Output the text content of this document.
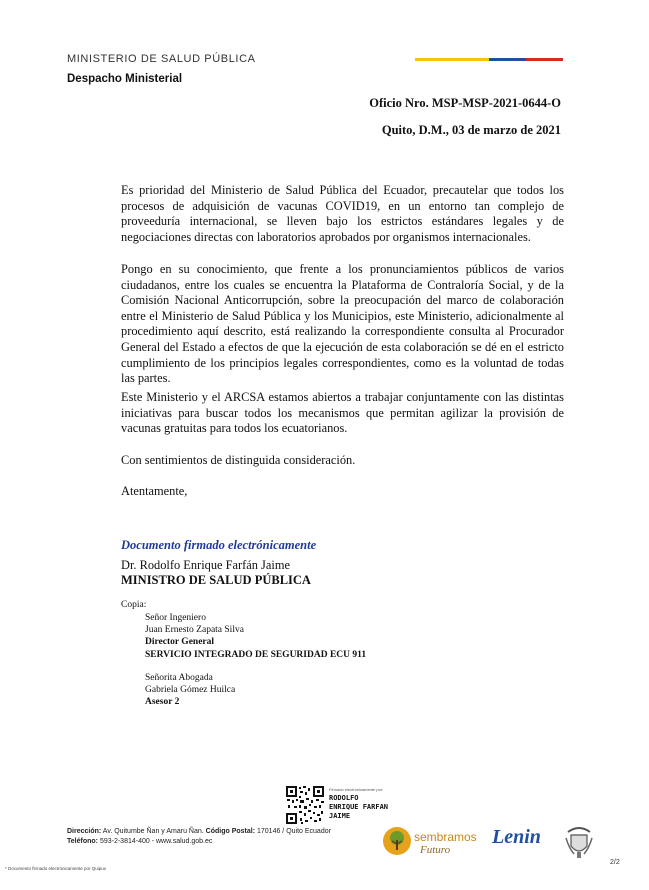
MINISTERIO DE SALUD PÚBLICA
Despacho Ministerial
Oficio Nro. MSP-MSP-2021-0644-O
Quito, D.M., 03 de marzo de 2021
Es prioridad del Ministerio de Salud Pública del Ecuador, precautelar que todos los procesos de adquisición de vacunas COVID19, en un entorno tan complejo de proveeduría internacional, se lleven bajo los estrictos estándares legales y de negociaciones directas con laboratorios aprobados por organismos internacionales.
Pongo en su conocimiento, que frente a los pronunciamientos públicos de varios ciudadanos, entre los cuales se encuentra la Plataforma de Contraloría Social, y de la Comisión Nacional Anticorrupción, sobre la preocupación del marco de colaboración entre el Ministerio de Salud Pública y los Municipios, este Ministerio, adicionalmente al procedimiento aquí descrito, está realizando la correspondiente consulta al Procurador General del Estado a efectos de que la ejecución de esta colaboración se dé en el estricto cumplimiento de los principios legales correspondientes, como es la voluntad de todas las partes.
Este Ministerio y el ARCSA estamos abiertos a trabajar conjuntamente con las distintas iniciativas para buscar todos los mecanismos que permitan agilizar la provisión de vacunas gratuitas para todos los ecuatorianos.
Con sentimientos de distinguida consideración.
Atentamente,
Documento firmado electrónicamente
Dr. Rodolfo Enrique Farfán Jaime
MINISTRO DE SALUD PÚBLICA
Copia:
Señor Ingeniero
Juan Ernesto Zapata Silva
Director General
SERVICIO INTEGRADO DE SEGURIDAD ECU 911
Señorita Abogada
Gabriela Gómez Huilca
Asesor 2
Firmado electrónicamente por:
RODOLFO
ENRIQUE FARFAN
JAIME
Dirección: Av. Quitumbe Ñan y Amaru Ñan. Código Postal: 170146 / Quito Ecuador
Teléfono: 593-2-3814-400 - www.salud.gob.ec
* Documento firmado electrónicamente por Quipux
sembramos
Futuro
Lenin
2/2
